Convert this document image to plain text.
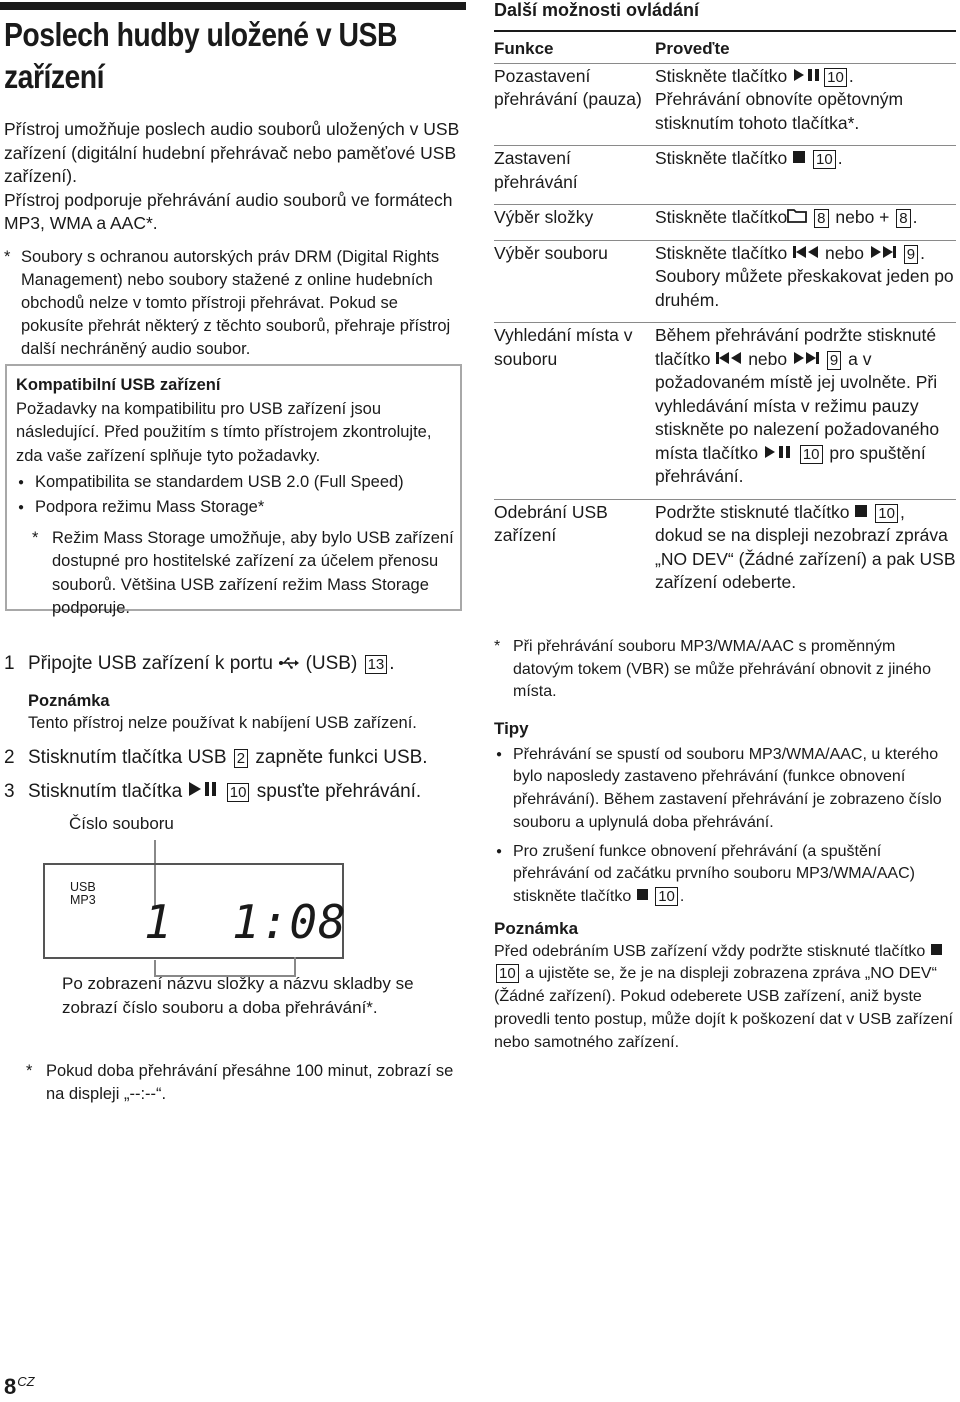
Poslech hudby uložené v USB zařízení

Přístroj umožňuje poslech audio souborů uložených v USB zařízení (digitální hudební přehrávač nebo paměťové USB zařízení).

Přístroj podporuje přehrávání audio souborů ve formátech MP3, WMA a AAC*.

* Soubory s ochranou autorských práv DRM (Digital Rights Management) nebo soubory stažené z online hudebních obchodů nelze v tomto přístroji přehrávat. Pokud se pokusíte přehrát některý z těchto souborů, přehraje přístroj další nechráněný audio soubor.
Kompatibilní USB zařízení

Požadavky na kompatibilitu pro USB zařízení jsou následující. Před použitím s tímto přístrojem zkontrolujte, zda vaše zařízení splňuje tyto požadavky.

● Kompatibilita se standardem USB 2.0 (Full Speed)
● Podpora režimu Mass Storage*
* Režim Mass Storage umožňuje, aby bylo USB zařízení dostupné pro hostitelské zařízení za účelem přenosu souborů. Většina USB zařízení režim Mass Storage podporuje.
1 Připojte USB zařízení k portu (USB) 13 .
Poznámka
Tento přístroj nelze používat k nabíjení USB zařízení.
2 Stisknutím tlačítka USB 2 zapněte funkci USB.
3 Stisknutím tlačítka	10 spusťte přehrávání.
Číslo souboru
USB
MP3 1 1:08
Po zobrazení názvu složky a názvu skladby se zobrazí číslo souboru a doba přehrávání*.
* Pokud doba přehrávání přesáhne 100 minut, zobrazí se na displeji „--:--“.
$8^{CZ}$
Další možnosti ovládání
Funkce	Proveďte
Pozastavení přehrávání (pauza)	Stiskněte tlačítko 10 .
Přehrávání obnovíte opětovným stisknutím tohoto tlačítka*.

Zastavení přehrávání	Stiskněte tlačítko 10 .
Výběr složky	Stiskněte tlačítko 8 nebo + 8 .
Výběr souboru	Stiskněte tlačítko nebo 9 . Soubory můžete přeskakovat jeden po druhém.
Vyhledání místa v souboru	Během přehrávání podržte stisknuté tlačítko nebo 9 a v požadovaném místě jej uvolněte. Při vyhledávání místa v režimu pauzy stiskněte po nalezení požadovaného místa tlačítko 10 pro spuštění přehrávání.
Odebrání USB zařízení	Podržte stisknuté tlačítko 10 , dokud se na displeji nezobrazí zpráva „NO DEV“ (Žádné zařízení) a pak USB zařízení odeberte.
* Při přehrávání souboru MP3/WMA/AAC s proměnným datovým tokem (VBR) se může přehrávání obnovit z jiného místa.
Tipy
● Přehrávání se spustí od souboru MP3/WMA/AAC, u kterého bylo naposledy zastaveno přehrávání (funkce obnovení přehrávání). Během zastavení přehrávání je zobrazeno číslo souboru a uplynulá doba přehrávání.
● Pro zrušení funkce obnovení přehrávání (a spuštění přehrávání od začátku prvního souboru MP3/WMA/AAC) stiskněte tlačítko 10 .
Poznámka

Před odebráním USB zařízení vždy podržte stisknuté tlačítko  10 a ujistěte se, že je na displeji zobrazena zpráva „NO DEV“ (Žádné zařízení). Pokud odeberete USB zařízení, aniž byste provedli tento postup, může dojít k poškození dat v USB zařízení nebo samotného zařízení.
